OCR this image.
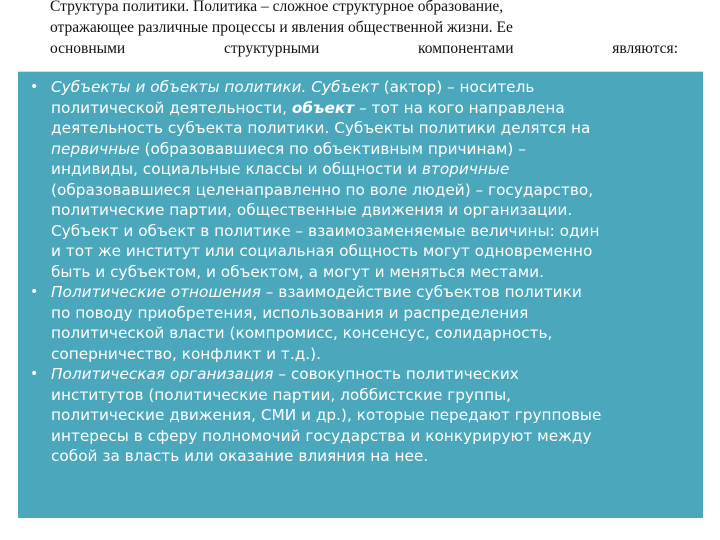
Структура политики. Политика – сложное структурное образование,
отражающее различные процессы и явления общественной жизни. Ее
основными	структурными	компонентами	являются:
• Субъекты и объекты политики. Субъект (актор) – носитель
политической деятельности, объект – тот на кого направлена
деятельность субъекта политики. Субъекты политики делятся на
первичные (образовавшиеся по объективным причинам) –
индивиды, социальные классы и общности и вторичные
(образовавшиеся целенаправленно по воле людей) – государство,
политические партии, общественные движения и организации.
Субъект и объект в политике – взаимозаменяемые величины: один
и тот же институт или социальная общность могут одновременно
быть и субъектом, и объектом, а могут и меняться местами.
• Политические отношения – взаимодействие субъектов политики
по поводу приобретения, использования и распределения
политической власти (компромисс, консенсус, солидарность,
соперничество, конфликт и т.д.).
• Политическая организация – совокупность политических
институтов (политические партии, лоббистские группы,
политические движения, СМИ и др.), которые передают групповые
интересы в сферу полномочий государства и конкурируют между
собой за власть или оказание влияния на нее.
